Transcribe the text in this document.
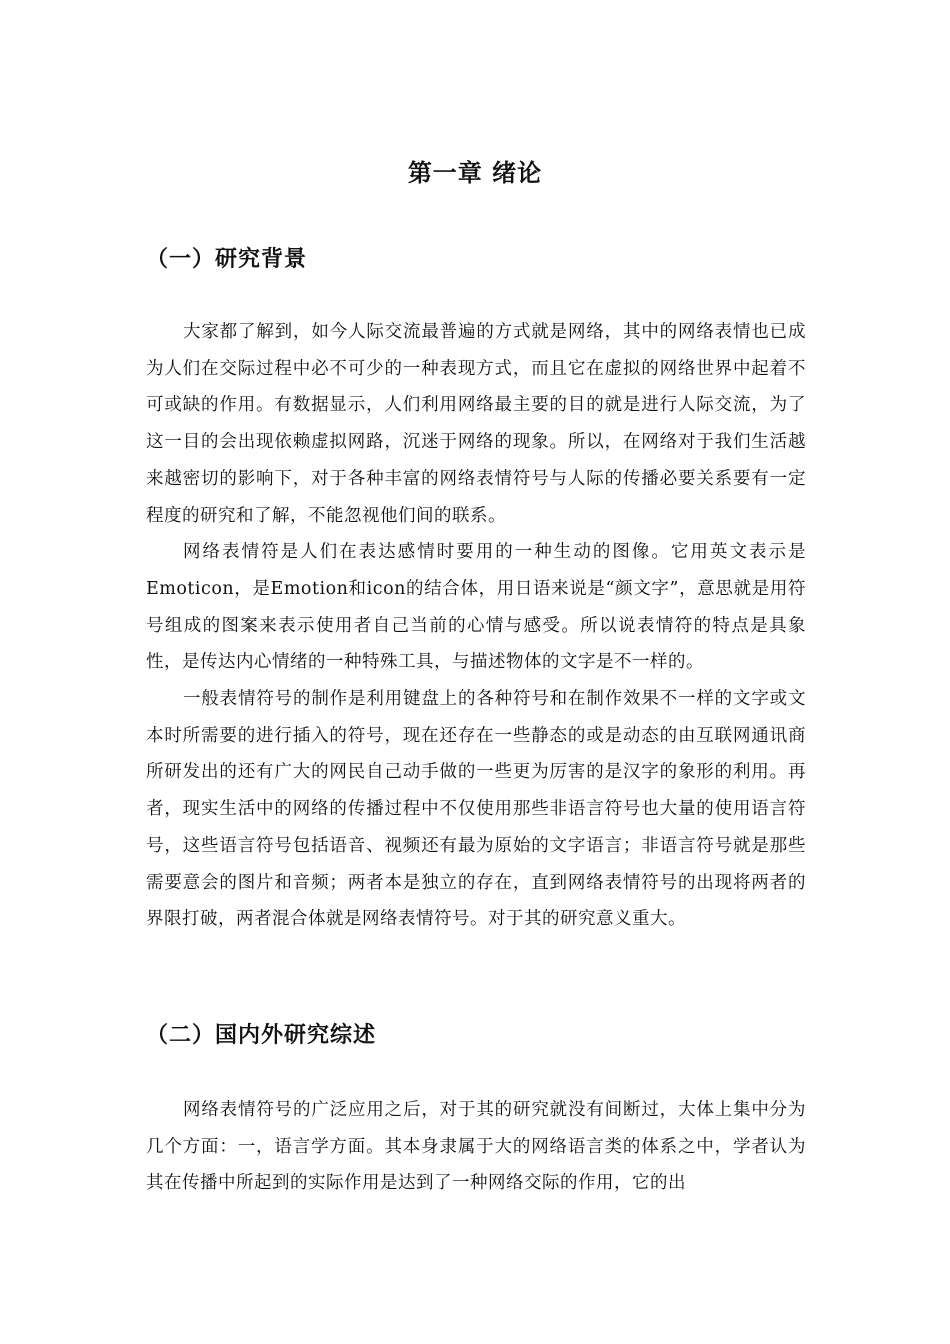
第一章 绪论
（一）研究背景

大家都了解到，如今人际交流最普遍的方式就是网络，其中的网络表情也已成为人们在交际过程中必不可少的一种表现方式，而且它在虚拟的网络世界中起着不可或缺的作用。有数据显示，人们利用网络最主要的目的就是进行人际交流，为了这一目的会出现依赖虚拟网路，沉迷于网络的现象。所以，在网络对于我们生活越来越密切的影响下，对于各种丰富的网络表情符号与人际的传播必要关系要有一定程度的研究和了解，不能忽视他们间的联系。

网络表情符是人们在表达感情时要用的一种生动的图像。它用英文表示是Emoticon，是Emotion和icon的结合体，用日语来说是“颜文字”，意思就是用符号组成的图案来表示使用者自己当前的心情与感受。所以说表情符的特点是具象性，是传达内心情绪的一种特殊工具，与描述物体的文字是不一样的。

一般表情符号的制作是利用键盘上的各种符号和在制作效果不一样的文字或文本时所需要的进行插入的符号，现在还存在一些静态的或是动态的由互联网通讯商所研发出的还有广大的网民自己动手做的一些更为厉害的是汉字的象形的利用。再者，现实生活中的网络的传播过程中不仅使用那些非语言符号也大量的使用语言符号，这些语言符号包括语音、视频还有最为原始的文字语言；非语言符号就是那些需要意会的图片和音频；两者本是独立的存在，直到网络表情符号的出现将两者的界限打破，两者混合体就是网络表情符号。对于其的研究意义重大。

（二）国内外研究综述

网络表情符号的广泛应用之后，对于其的研究就没有间断过，大体上集中分为几个方面：一，语言学方面。其本身隶属于大的网络语言类的体系之中，学者认为其在传播中所起到的实际作用是达到了一种网络交际的作用，它的出
